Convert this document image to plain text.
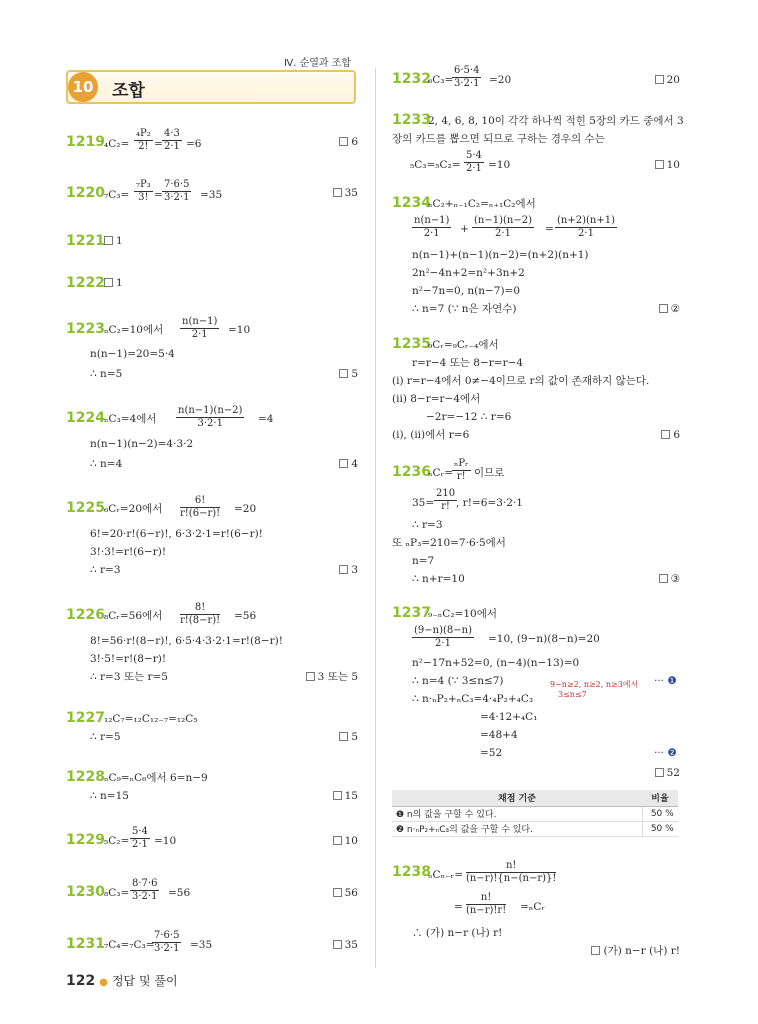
Ⅳ. 순열과 조합
10 조합
1219 $_4C_2= \frac{\text{₄P₂}}{2!} = \frac{4\cdot 3}{2\cdot 1} =6$	6
1220 $_7C_3= \frac{\text{₇P₃}}{3!} = \frac{7\cdot 6\cdot 5}{3\cdot 2\cdot 1} =35$	35
1221	1
1222	1
1223 ₙC₂=10에서 $\frac{n(n-1)}{2\cdot 1} =10$
n(n−1)=20=5·4
∴ n=5	5
1224 ₙC₃=4에서 $\frac{n(n-1)(n-2)}{3\cdot 2\cdot 1} =4$
n(n−1)(n−2)=4·3·2
∴ n=4	4
1225 ₆Cᵣ=20에서 $\frac{6!}{r!(6-r)!} =20$
6!=20·r!(6−r)!, 6·3·2·1=r!(6−r)!
3!·3!=r!(6−r)!
∴ r=3	3
1226 ₈Cᵣ=56에서 $\frac{8!}{r!(8-r)!} =56$
8!=56·r!(8−r)!, 6·5·4·3·2·1=r!(8−r)!
3!·5!=r!(8−r)!
∴ r=3 또는 r=5	3 또는 5
1227 ₁₂C₇=₁₂C₁₂₋₇=₁₂C₅
∴ r=5	5
1228 ₙC₉=ₙC₆에서 6=n−9
∴ n=15	15
1229 $_5C_2= \frac{5\cdot 4}{2\cdot 1} =10$	10
1230 $_8C_3= \frac{8\cdot 7\cdot 6}{3\cdot 2\cdot 1} =56$	56
1231 ₇C₄=₇C₃=
$\frac{7\cdot 6\cdot 5}{3\cdot 2\cdot 1} =35$	35
1232
₆C₃=
$\frac{6\cdot 5\cdot 4}{3\cdot 2\cdot 1} =20$	20
1233
2, 4, 6, 8, 10이 각각 하나씩 적힌 5장의 카드 중에서 3
장의 카드를 뽑으면 되므로 구하는 경우의 수는
$_5C_3=_5C_2= \frac{5\cdot 4}{2\cdot 1} =10$	10
1234
ₙC₂+ₙ₋₁C₂=ₙ₊₁C₂에서
$\frac{n(n-1)}{2\cdot 1} + \frac{(n-1)(n-2)}{2\cdot 1} = \frac{(n+2)(n+1)}{2\cdot 1}$
n(n−1)+(n−1)(n−2)=(n+2)(n+1)
2n²−4n+2=n²+3n+2
n²−7n=0, n(n−7)=0
∴ n=7 (∵ n은 자연수)	②
1235
₉Cᵣ=₉Cᵣ₋₄에서
r=r−4 또는 8−r=r−4
(i) r=r−4에서 0≠−4이므로 r의 값이 존재하지 않는다.
(ii) 8−r=r−4에서
−2r=−12 ∴ r=6
(i), (ii)에서 r=6	6
1236
ₙCᵣ=
ₙPᵣ
r! 이므로
$35= \frac{210}{r!}$
, r!=6=3·2·1
∴ r=3
또 ₙP₃=210=7·6·5에서
n=7
∴ n+r=10	③
1237
₉₋ₙC₂=10에서
$\frac{(9-n)(8-n)}{2\cdot 1} =10$, (9−n)(8−n)=20
n²−17n+52=0, (n−4)(n−13)=0
∴ n=4 (∵ 3≤n≤7)	9−n≥2, n≥2, n≥3에서
3≤n≤7
··· ❶
∴ n·ₙP₂+ₙC₃=4·₄P₂+₄C₃
=4·12+₄C₁
=48+4
=52	··· ❷
52
채점 기준	비율
❶ n의 값을 구할 수 있다.	50 %
❷ n·ₙP₂+ₙC₃의 값을 구할 수 있다.	50 %
1238
ₙCₙ₋ᵣ= $\frac{n!}{(n-r)!\{n-(n-r)\}!}$
= $\frac{n!}{(n-r)!r!}$ =ₙCᵣ
∴ (가) n−r (나) r!
(가) n−r (나) r!
122 ● 정답 및 풀이
